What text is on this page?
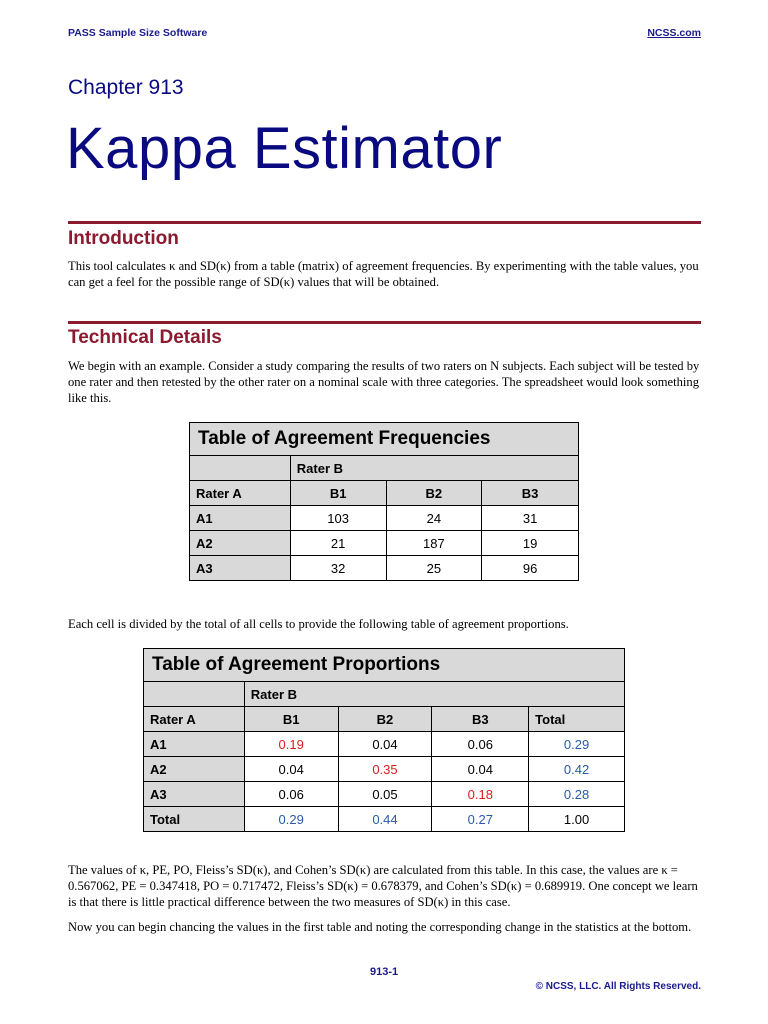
PASS Sample Size Software	NCSS.com
Chapter 913
Kappa Estimator
Introduction
This tool calculates κ and SD(κ) from a table (matrix) of agreement frequencies. By experimenting with the table values, you can get a feel for the possible range of SD(κ) values that will be obtained.
Technical Details
We begin with an example. Consider a study comparing the results of two raters on N subjects. Each subject will be tested by one rater and then retested by the other rater on a nominal scale with three categories. The spreadsheet would look something like this.
Table of Agreement Frequencies			
	Rater B		
Rater A	B1	B2	B3
A1	103	24	31
A2	21	187	19
A3	32	25	96
Each cell is divided by the total of all cells to provide the following table of agreement proportions.
Table of Agreement Proportions				
	Rater B			
Rater A	B1	B2	B3	Total
A1	0.19	0.04	0.06	0.29
A2	0.04	0.35	0.04	0.42
A3	0.06	0.05	0.18	0.28
Total	0.29	0.44	0.27	1.00
The values of κ, PE, PO, Fleiss’s SD(κ), and Cohen’s SD(κ) are calculated from this table. In this case, the values are κ = 0.567062, PE = 0.347418, PO = 0.717472, Fleiss’s SD(κ) = 0.678379, and Cohen’s SD(κ) = 0.689919. One concept we learn is that there is little practical difference between the two measures of SD(κ) in this case.
Now you can begin chancing the values in the first table and noting the corresponding change in the statistics at the bottom.
913-1
© NCSS, LLC. All Rights Reserved.
